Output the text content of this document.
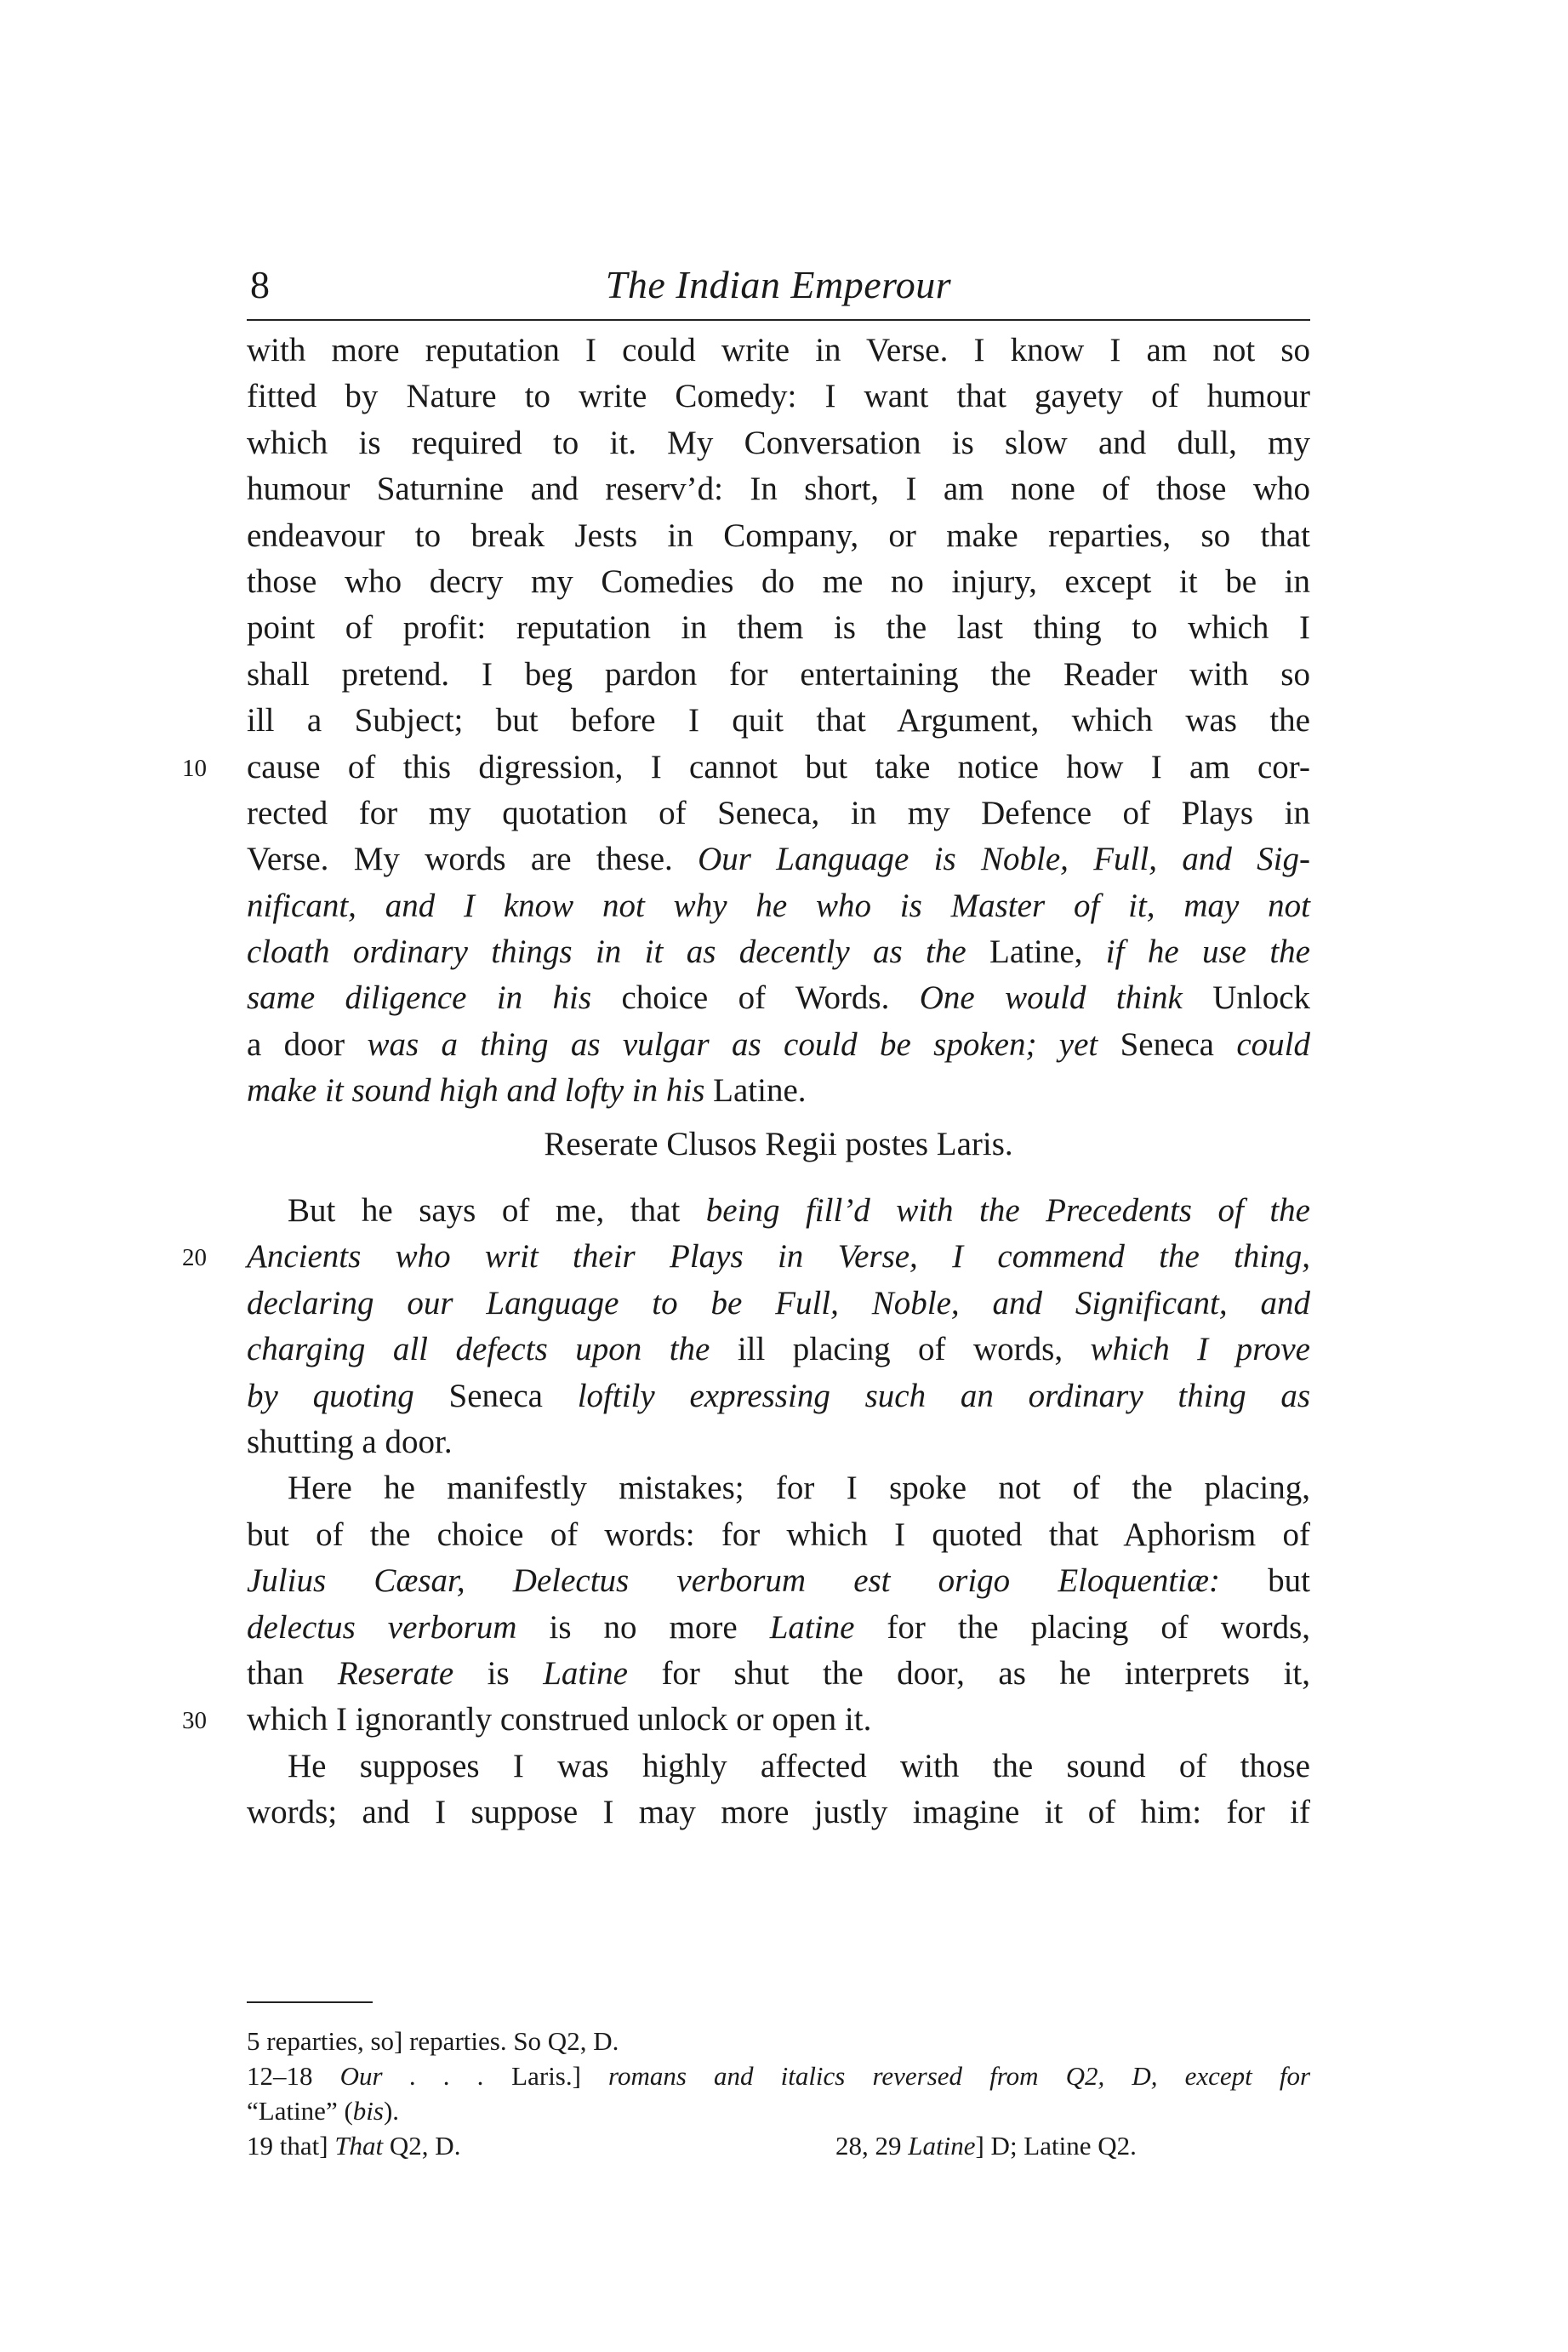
8	The Indian Emperour
with more reputation I could write in Verse. I know I am not so
fitted by Nature to write Comedy: I want that gayety of humour
which is required to it. My Conversation is slow and dull, my
humour Saturnine and reserv’d: In short, I am none of those who
endeavour to break Jests in Company, or make reparties, so that
those who decry my Comedies do me no injury, except it be in
point of profit: reputation in them is the last thing to which I
shall pretend. I beg pardon for entertaining the Reader with so
ill a Subject; but before I quit that Argument, which was the
10 cause of this digression, I cannot but take notice how I am cor-
rected for my quotation of Seneca, in my Defence of Plays in
Verse. My words are these. Our Language is Noble, Full, and Sig-
nificant, and I know not why he who is Master of it, may not
cloath ordinary things in it as decently as the Latine, if he use the
same diligence in his choice of Words. One would think Unlock
a door was a thing as vulgar as could be spoken; yet Seneca could
make it sound high and lofty in his Latine.
Reserate Clusos Regii postes Laris.
But he says of me, that being fill’d with the Precedents of the
20 Ancients who writ their Plays in Verse, I commend the thing,
declaring our Language to be Full, Noble, and Significant, and
charging all defects upon the ill placing of words, which I prove
by quoting Seneca loftily expressing such an ordinary thing as
shutting a door.
Here he manifestly mistakes; for I spoke not of the placing,
but of the choice of words: for which I quoted that Aphorism of
Julius Cæsar, Delectus verborum est origo Eloquentiæ: but
delectus verborum is no more Latine for the placing of words,
than Reserate is Latine for shut the door, as he interprets it,
30 which I ignorantly construed unlock or open it.
He supposes I was highly affected with the sound of those
words; and I suppose I may more justly imagine it of him: for if
5 reparties, so] reparties. So Q2, D.
12–18 Our . . . Laris.] romans and italics reversed from Q2, D, except for
“Latine” (bis).
19 that] That Q2, D.	28, 29 Latine] D; Latine Q2.
